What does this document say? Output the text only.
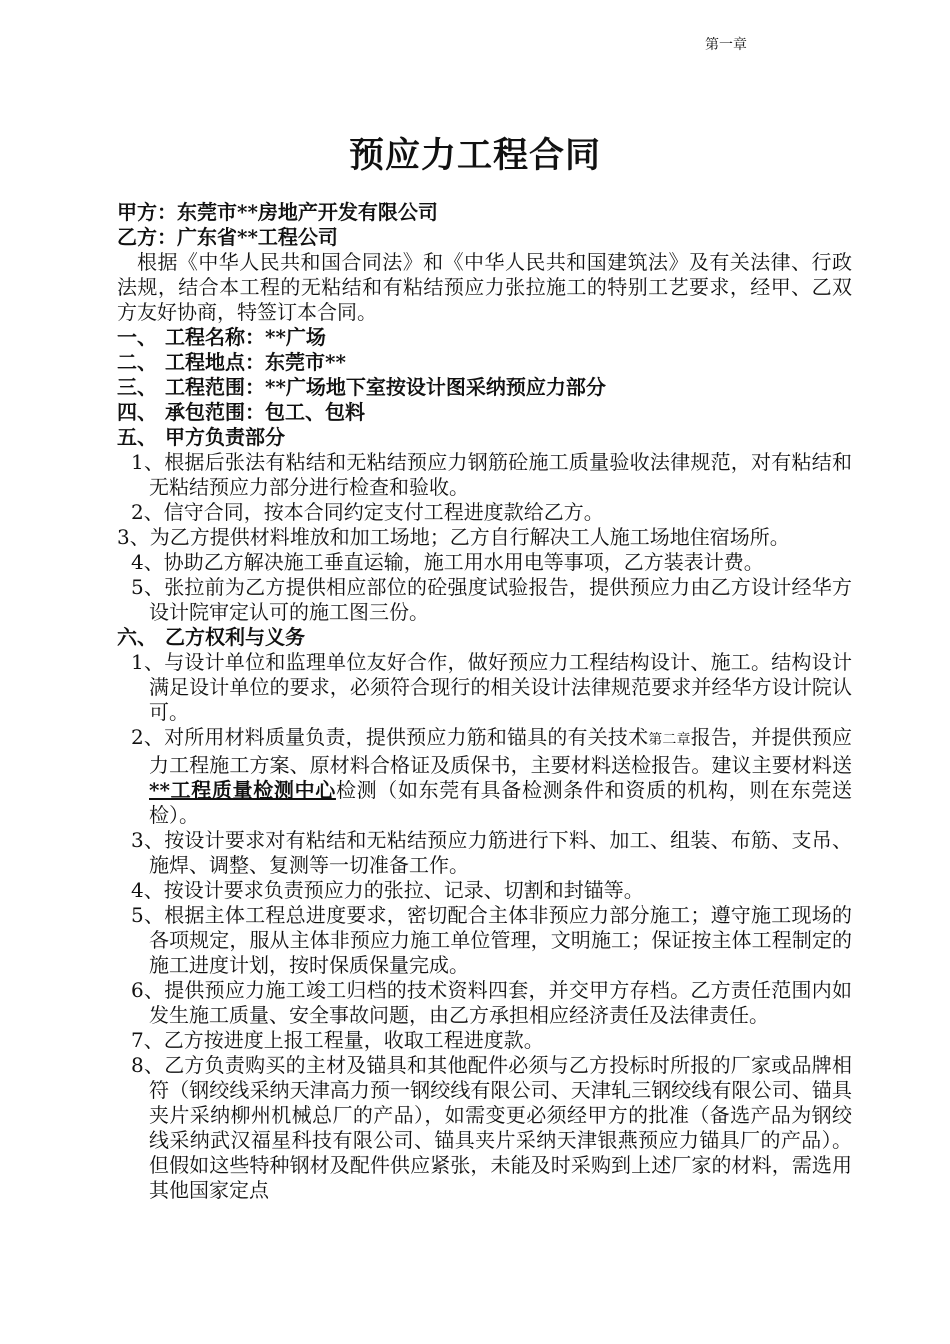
第一章
预应力工程合同
甲方：东莞市**房地产开发有限公司
乙方：广东省**工程公司
根据《中华人民共和国合同法》和《中华人民共和国建筑法》及有关法律、行政法规，结合本工程的无粘结和有粘结预应力张拉施工的特别工艺要求，经甲、乙双方友好协商，特签订本合同。
一、 工程名称：**广场
二、 工程地点：东莞市**
三、 工程范围：**广场地下室按设计图采纳预应力部分
四、 承包范围：包工、包料
五、 甲方负责部分
1、根据后张法有粘结和无粘结预应力钢筋砼施工质量验收法律规范，对有粘结和无粘结预应力部分进行检查和验收。
2、信守合同，按本合同约定支付工程进度款给乙方。
3、为乙方提供材料堆放和加工场地；乙方自行解决工人施工场地住宿场所。
4、协助乙方解决施工垂直运输，施工用水用电等事项，乙方装表计费。
5、张拉前为乙方提供相应部位的砼强度试验报告，提供预应力由乙方设计经华方设计院审定认可的施工图三份。
六、 乙方权利与义务
1、与设计单位和监理单位友好合作，做好预应力工程结构设计、施工。结构设计满足设计单位的要求，必须符合现行的相关设计法律规范要求并经华方设计院认可。
2、对所用材料质量负责，提供预应力筋和锚具的有关技术第二章报告，并提供预应力工程施工方案、原材料合格证及质保书，主要材料送检报告。建议主要材料送**工程质量检测中心检测（如东莞有具备检测条件和资质的机构，则在东莞送检）。
3、按设计要求对有粘结和无粘结预应力筋进行下料、加工、组装、布筋、支吊、施焊、调整、复测等一切准备工作。
4、按设计要求负责预应力的张拉、记录、切割和封锚等。
5、根据主体工程总进度要求，密切配合主体非预应力部分施工；遵守施工现场的各项规定，服从主体非预应力施工单位管理，文明施工；保证按主体工程制定的施工进度计划，按时保质保量完成。
6、提供预应力施工竣工归档的技术资料四套，并交甲方存档。乙方责任范围内如发生施工质量、安全事故问题，由乙方承担相应经济责任及法律责任。
7、乙方按进度上报工程量，收取工程进度款。
8、乙方负责购买的主材及锚具和其他配件必须与乙方投标时所报的厂家或品牌相符（钢绞线采纳天津高力预一钢绞线有限公司、天津轧三钢绞线有限公司、锚具夹片采纳柳州机械总厂的产品），如需变更必须经甲方的批准（备选产品为钢绞线采纳武汉福星科技有限公司、锚具夹片采纳天津银燕预应力锚具厂的产品）。但假如这些特种钢材及配件供应紧张，未能及时采购到上述厂家的材料，需选用其他国家定点
